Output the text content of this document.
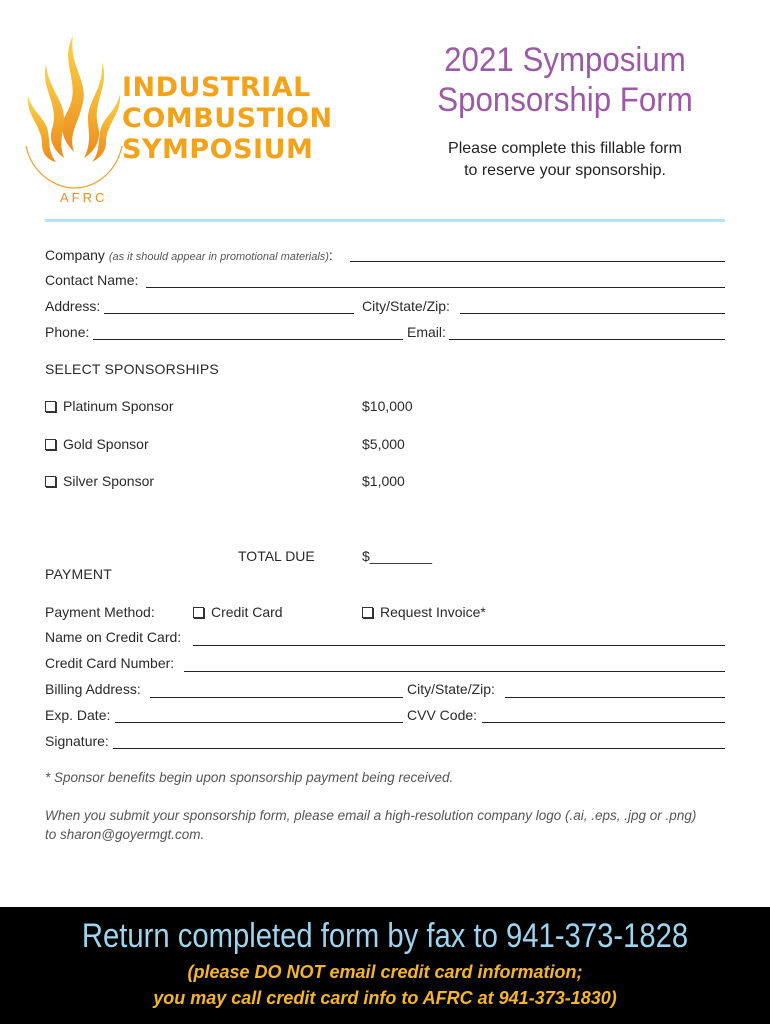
AFRC
INDUSTRIAL
COMBUSTION
SYMPOSIUM
2021 Symposium
Sponsorship Form
Please complete this fillable form
to reserve your sponsorship.
Company (as it should appear in promotional materials):
Contact Name:
Address:	City/State/Zip:
Phone:	Email:
SELECT SPONSORSHIPS
Platinum Sponsor	$10,000
Gold Sponsor	$5,000
Silver Sponsor	$1,000
TOTAL DUE	$________
PAYMENT
Payment Method:	Credit Card	Request Invoice*
Name on Credit Card:
Credit Card Number:
Billing Address:	City/State/Zip:
Exp. Date:	CVV Code:
Signature:
* Sponsor benefits begin upon sponsorship payment being received.
When you submit your sponsorship form, please email a high-resolution company logo (.ai, .eps, .jpg or .png)
to sharon@goyermgt.com.
Return completed form by fax to 941-373-1828
(please DO NOT email credit card information;
you may call credit card info to AFRC at 941-373-1830)
